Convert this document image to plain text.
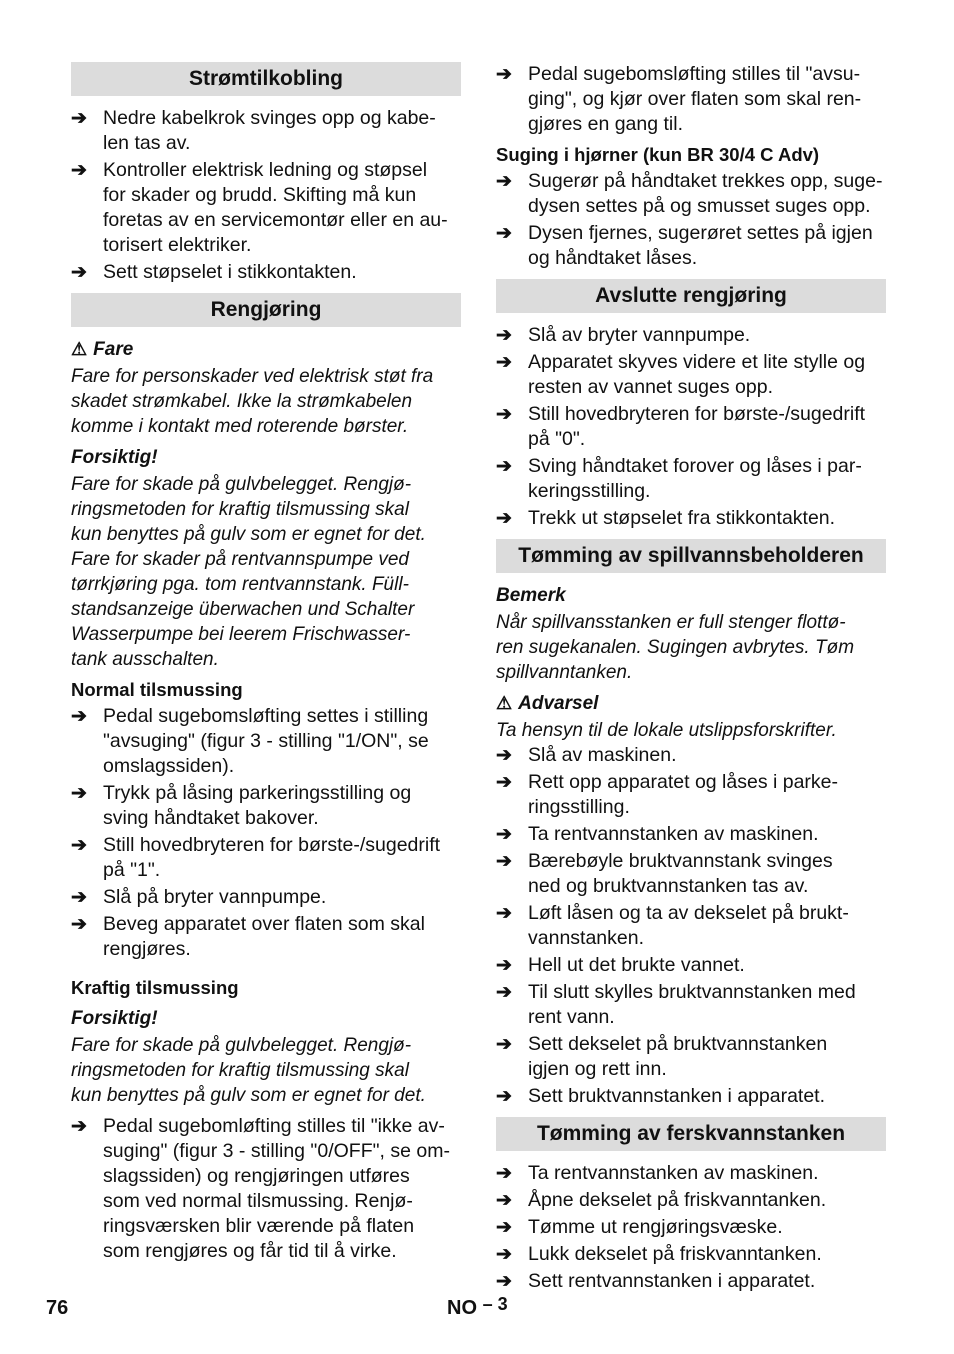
Strømtilkobling
➔ Nedre kabelkrok svinges opp og kabe-
len tas av.
➔ Kontroller elektrisk ledning og støpsel
for skader og brudd. Skifting må kun
foretas av en servicemontør eller en au-
torisert elektriker.
➔ Sett støpselet i stikkontakten.
Rengjøring
⚠ Fare
Fare for personskader ved elektrisk støt fra
skadet strømkabel. Ikke la strømkabelen
komme i kontakt med roterende børster.
Forsiktig!
Fare for skade på gulvbelegget. Rengjø-
ringsmetoden for kraftig tilsmussing skal
kun benyttes på gulv som er egnet for det.
Fare for skader på rentvannspumpe ved
tørrkjøring pga. tom rentvannstank. Füll-
standsanzeige überwachen und Schalter
Wasserpumpe bei leerem Frischwasser-
tank ausschalten.
Normal tilsmussing
➔ Pedal sugebomsløfting settes i stilling
"avsuging" (figur 3 - stilling "1/ON", se
omslagssiden).
➔ Trykk på låsing parkeringsstilling og
sving håndtaket bakover.
➔ Still hovedbryteren for børste-/sugedrift
på "1".
➔ Slå på bryter vannpumpe.
➔ Beveg apparatet over flaten som skal
rengjøres.
Kraftig tilsmussing
Forsiktig!
Fare for skade på gulvbelegget. Rengjø-
ringsmetoden for kraftig tilsmussing skal
kun benyttes på gulv som er egnet for det.
➔ Pedal sugebomløfting stilles til "ikke av-
suging" (figur 3 - stilling "0/OFF", se om-
slagssiden) og rengjøringen utføres
som ved normal tilsmussing. Renjø-
ringsværsken blir værende på flaten
som rengjøres og får tid til å virke.
➔ Pedal sugebomsløfting stilles til "avsu-
ging", og kjør over flaten som skal ren-
gjøres en gang til.
Suging i hjørner (kun BR 30/4 C Adv)
➔ Sugerør på håndtaket trekkes opp, suge-
dysen settes på og smusset suges opp.
➔ Dysen fjernes, sugerøret settes på igjen
og håndtaket låses.
Avslutte rengjøring
➔ Slå av bryter vannpumpe.
➔ Apparatet skyves videre et lite stylle og
resten av vannet suges opp.
➔ Still hovedbryteren for børste-/sugedrift
på "0".
➔ Sving håndtaket forover og låses i par-
keringsstilling.
➔ Trekk ut støpselet fra stikkontakten.
Tømming av spillvannsbeholderen
Bemerk
Når spillvansstanken er full stenger flottø-
ren sugekanalen. Sugingen avbrytes. Tøm
spillvanntanken.
⚠ Advarsel
Ta hensyn til de lokale utslippsforskrifter.
➔ Slå av maskinen.
➔ Rett opp apparatet og låses i parke-
ringsstilling.
➔ Ta rentvannstanken av maskinen.
➔ Bærebøyle bruktvannstank svinges
ned og bruktvannstanken tas av.
➔ Løft låsen og ta av dekselet på brukt-
vannstanken.
➔ Hell ut det brukte vannet.
➔ Til slutt skylles bruktvannstanken med
rent vann.
➔ Sett dekselet på bruktvannstanken
igjen og rett inn.
➔ Sett bruktvannstanken i apparatet.
Tømming av ferskvannstanken
➔ Ta rentvannstanken av maskinen.
➔ Åpne dekselet på friskvanntanken.
➔ Tømme ut rengjøringsvæske.
➔ Lukk dekselet på friskvanntanken.
➔ Sett rentvannstanken i apparatet.
76	NO – 3
